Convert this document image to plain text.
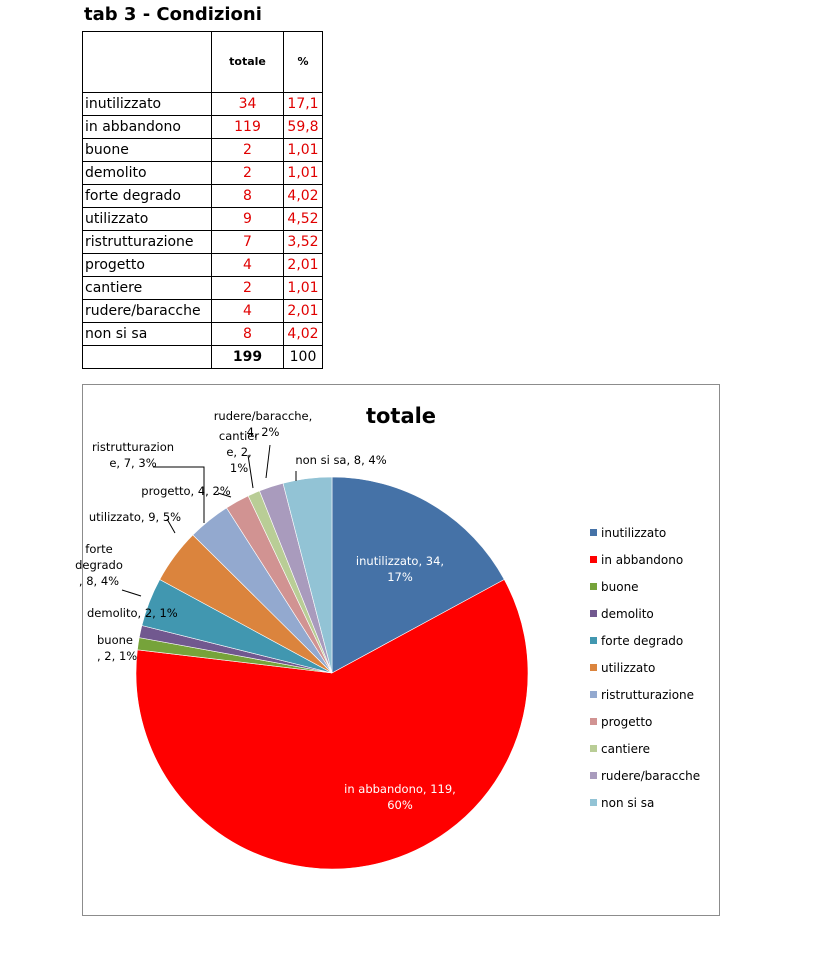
tab 3 - Condizioni
	totale	%
inutilizzato	34	17,1
in abbandono	119	59,8
buone	2	1,01
demolito	2	1,01
forte degrado	8	4,02
utilizzato	9	4,52
ristrutturazione	7	3,52
progetto	4	2,01
cantiere	2	1,01
rudere/baracche	4	2,01
non si sa	8	4,02
	199	100
totale
inutilizzato, 34, 17%
in abbandono, 119, 60%
buone , 2, 1%
demolito, 2, 1%
forte degrado , 8, 4%
utilizzato, 9, 5%
ristrutturazion e, 7, 3%
progetto, 4, 2%
cantier e, 2, 1%
rudere/baracche, 4, 2%
non si sa, 8, 4%
inutilizzato
in abbandono
buone
demolito
forte degrado
utilizzato
ristrutturazione
progetto
cantiere
rudere/baracche
non si sa
